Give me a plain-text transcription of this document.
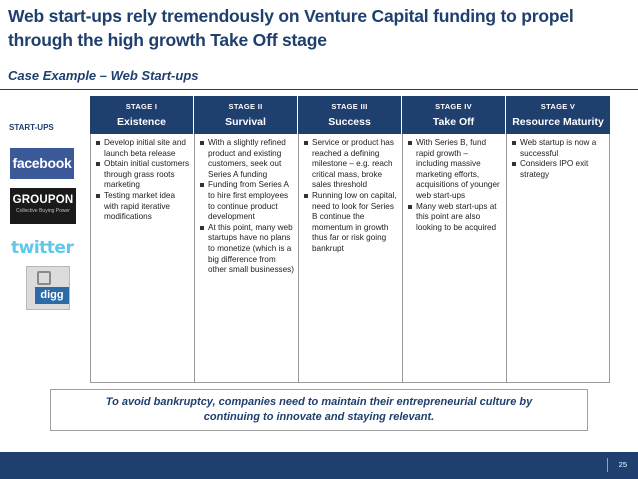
Web start-ups rely tremendously on Venture Capital funding to propel through the high growth Take Off stage
Case Example – Web Start-ups
START-UPS
facebook
GROUPON
Collective Buying Power
twitter
digg
STAGE I
Existence
Develop initial site and launch beta release
Obtain initial customers through grass roots marketing
Testing market idea with rapid iterative modifications
STAGE II
Survival
With a slightly refined product and existing customers, seek out Series A funding
Funding from Series A to hire first employees to continue product development
At this point, many web startups have no plans to monetize (which is a big difference from other small businesses)
STAGE III
Success
Service or product has reached a defining milestone – e.g. reach critical mass, broke sales threshold
Running low on capital, need to look for Series B continue the momentum in growth thus far or risk going bankrupt
STAGE IV
Take Off
With Series B, fund rapid growth – including massive marketing efforts, acquisitions of younger web start-ups
Many web start-ups at this point are also looking to be acquired
STAGE V
Resource Maturity
Web startup is now a successful
Considers IPO exit strategy
To avoid bankruptcy, companies need to maintain their entrepreneurial culture by continuing to innovate and staying relevant.
25
